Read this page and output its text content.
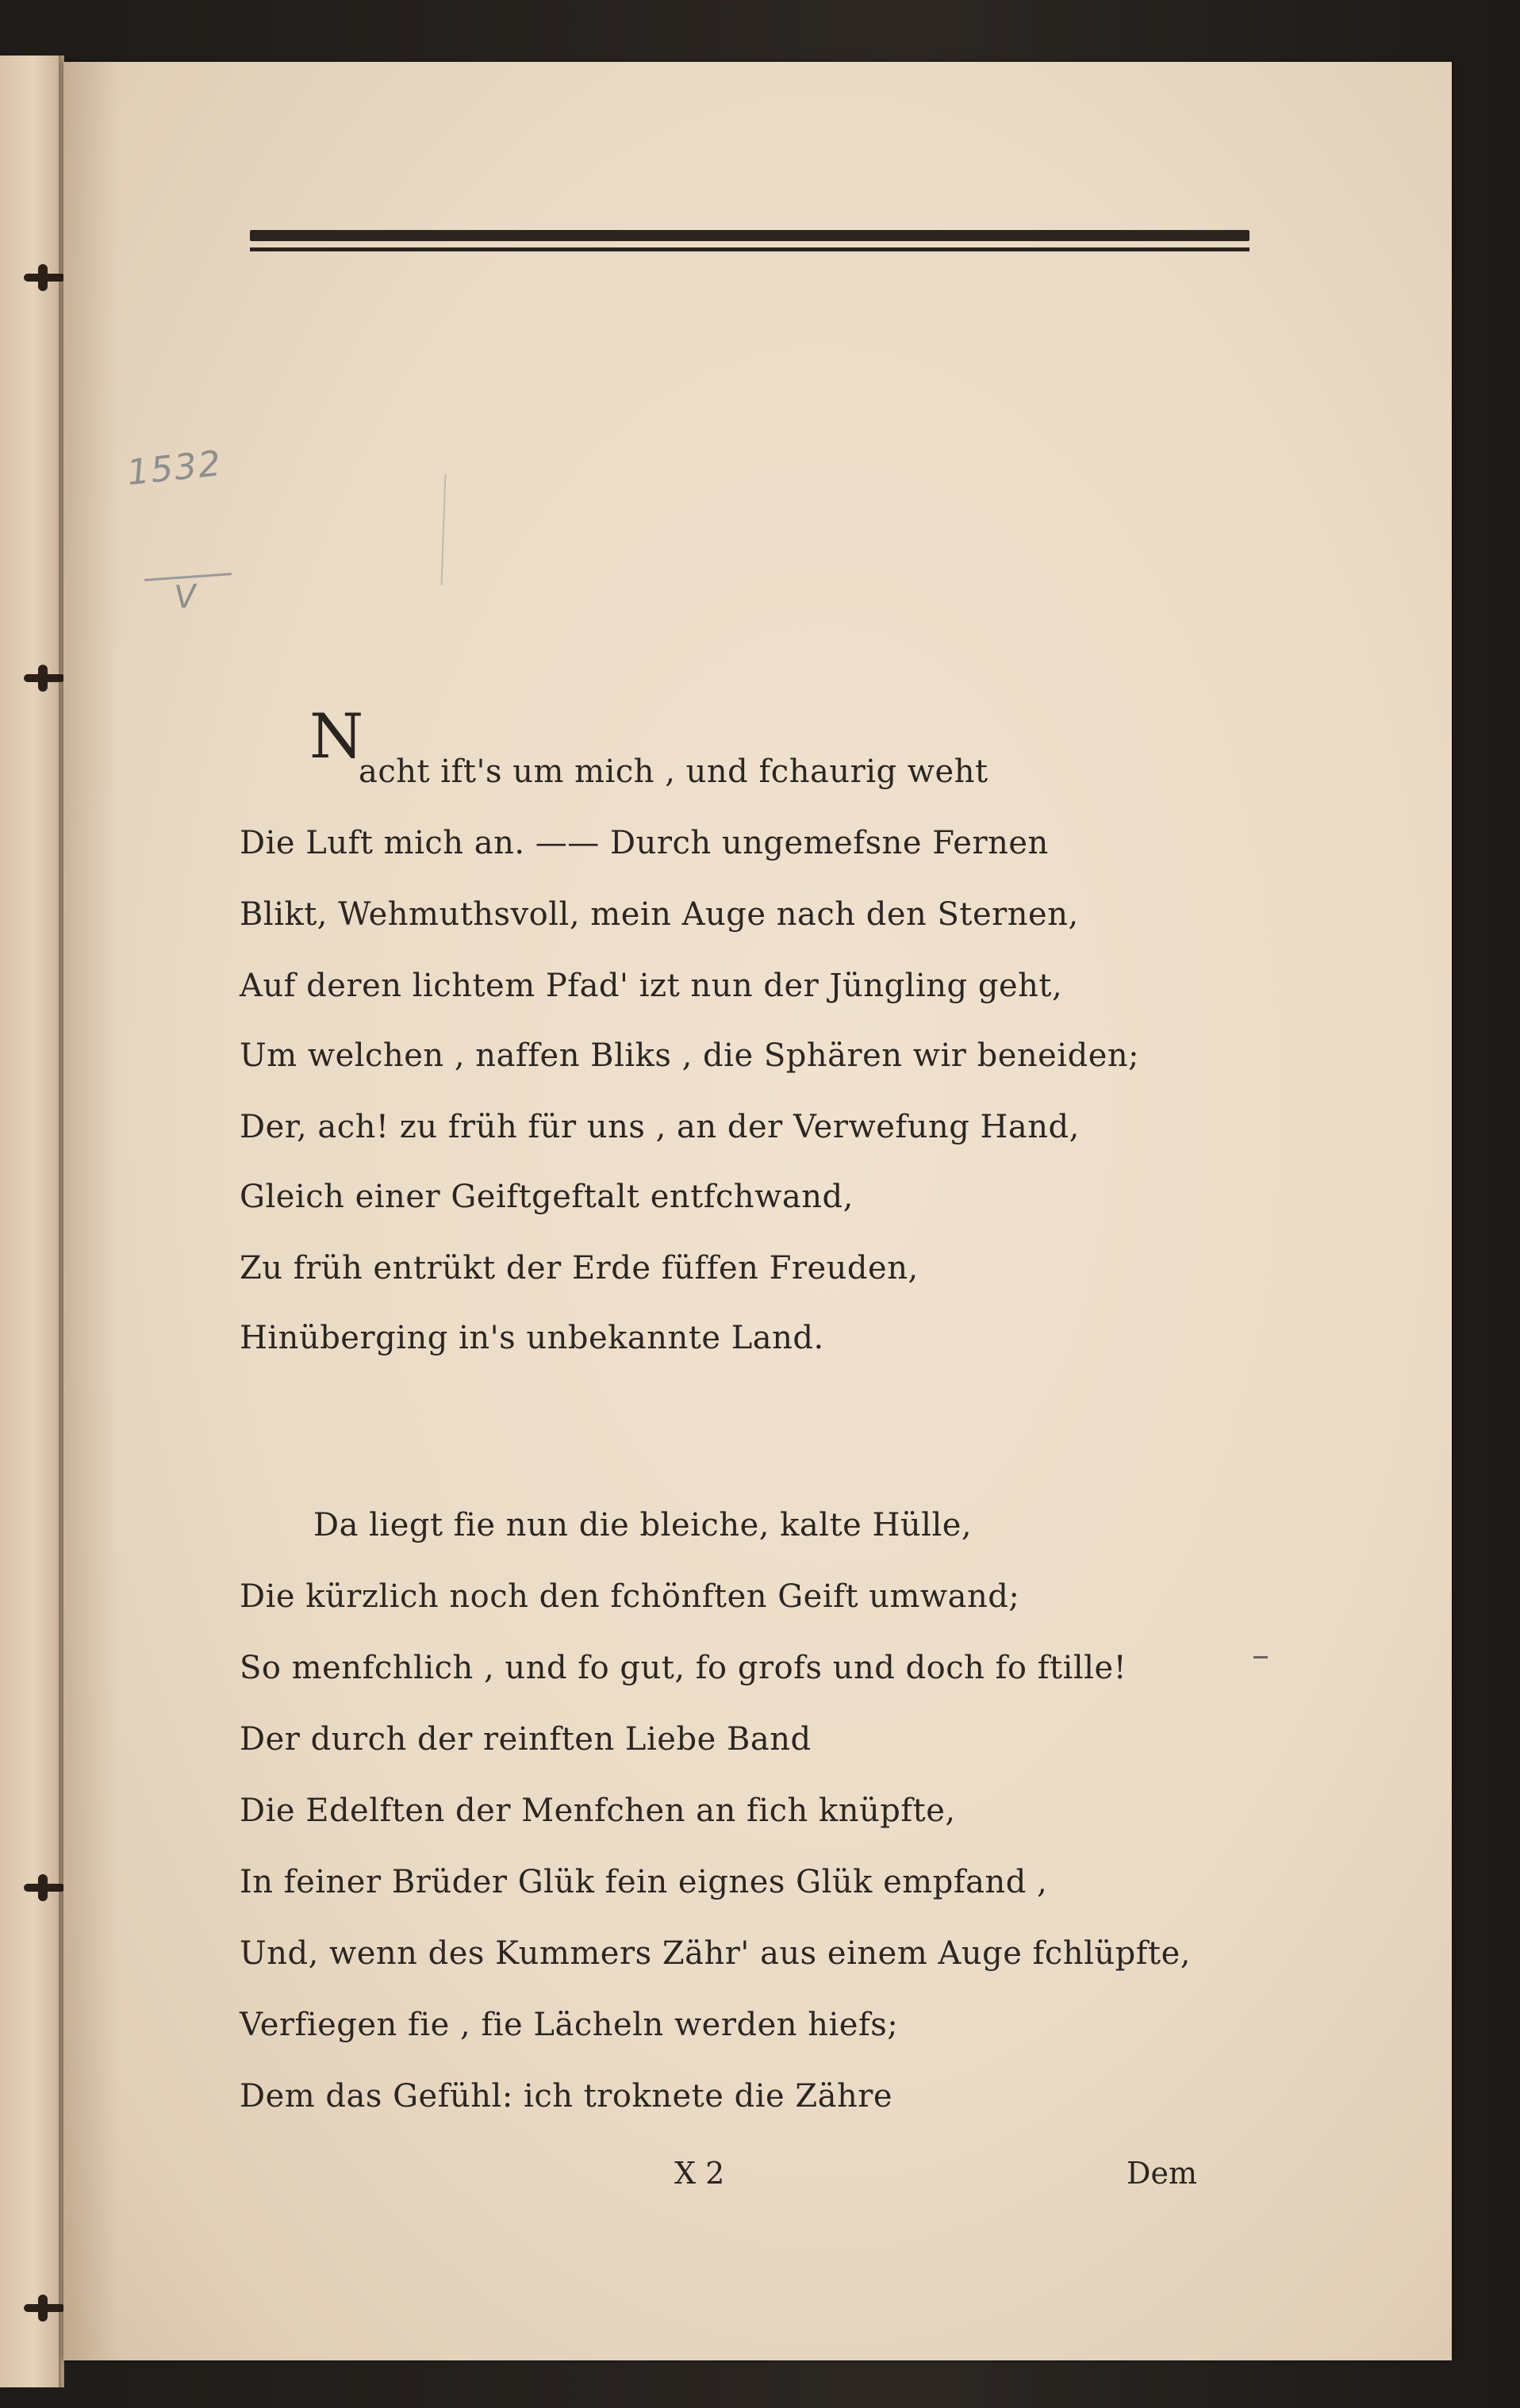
1532
V
N
acht ift's um mich , und fchaurig weht
Die Luft mich an. —— Durch ungemefsne Fernen
Blikt, Wehmuthsvoll, mein Auge nach den Sternen,
Auf deren lichtem Pfad' izt nun der Jüngling geht,
Um welchen , naffen Bliks , die Sphären wir beneiden;
Der, ach! zu früh für uns , an der Verwefung Hand,
Gleich einer Geiftgeftalt entfchwand,
Zu früh entrükt der Erde füffen Freuden,
Hinüberging in's unbekannte Land.
Da liegt fie nun die bleiche, kalte Hülle,
Die kürzlich noch den fchönften Geift umwand;
So menfchlich , und fo gut, fo grofs und doch fo ftille!
Der durch der reinften Liebe Band
Die Edelften der Menfchen an fich knüpfte,
In feiner Brüder Glük fein eignes Glük empfand ,
Und, wenn des Kummers Zähr' aus einem Auge fchlüpfte,
Verfiegen fie , fie Lächeln werden hiefs;
Dem das Gefühl: ich troknete die Zähre
X 2	Dem
